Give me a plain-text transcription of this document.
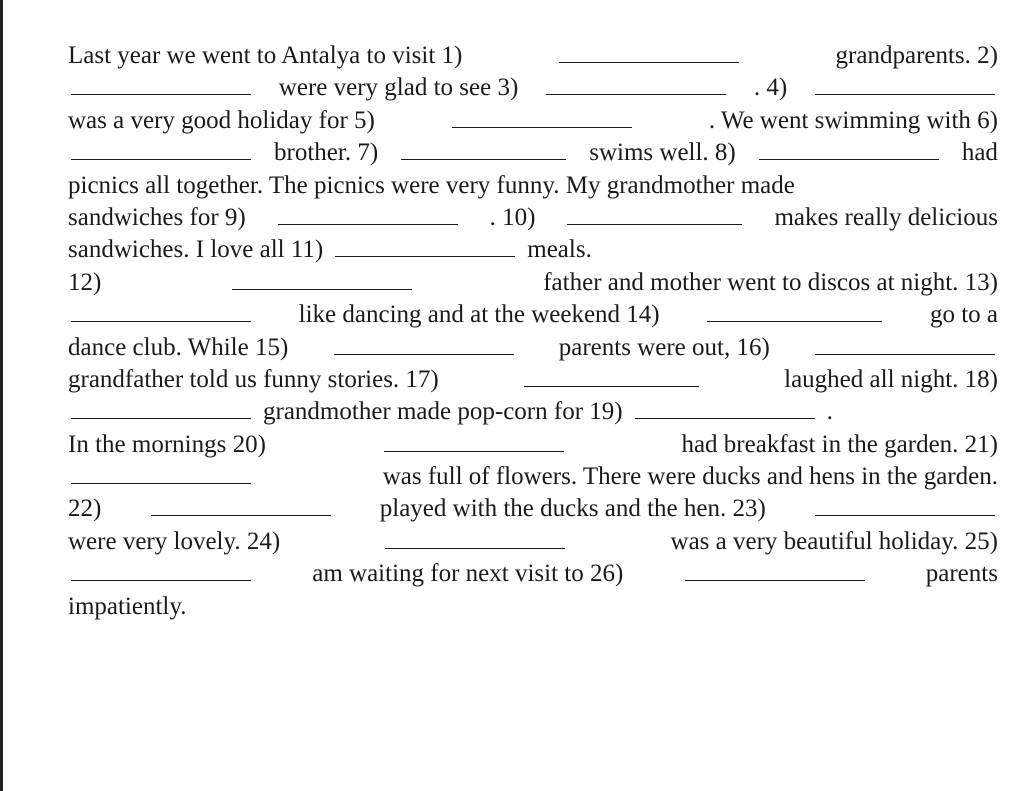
Last year we went to Antalya to visit 1)	grandparents. 2)
were very glad to see 3)	. 4)
was a very good holiday for 5)	. We went swimming with 6)
brother. 7)	swims well. 8)	had
picnics all together. The picnics were very funny. My grandmother made
sandwiches for 9)	. 10)	makes really delicious
sandwiches. I love all 11)	meals.
12)	father and mother went to discos at night. 13)
like dancing and at the weekend 14)	go to a
dance club. While 15)	parents were out, 16)
grandfather told us funny stories. 17)	laughed all night. 18)
grandmother made pop-corn for 19)	.
In the mornings 20)	had breakfast in the garden. 21)
was full of flowers. There were ducks and hens in the garden.
22)	played with the ducks and the hen. 23)
were very lovely. 24)	was a very beautiful holiday. 25)
am waiting for next visit to 26)	parents
impatiently.
